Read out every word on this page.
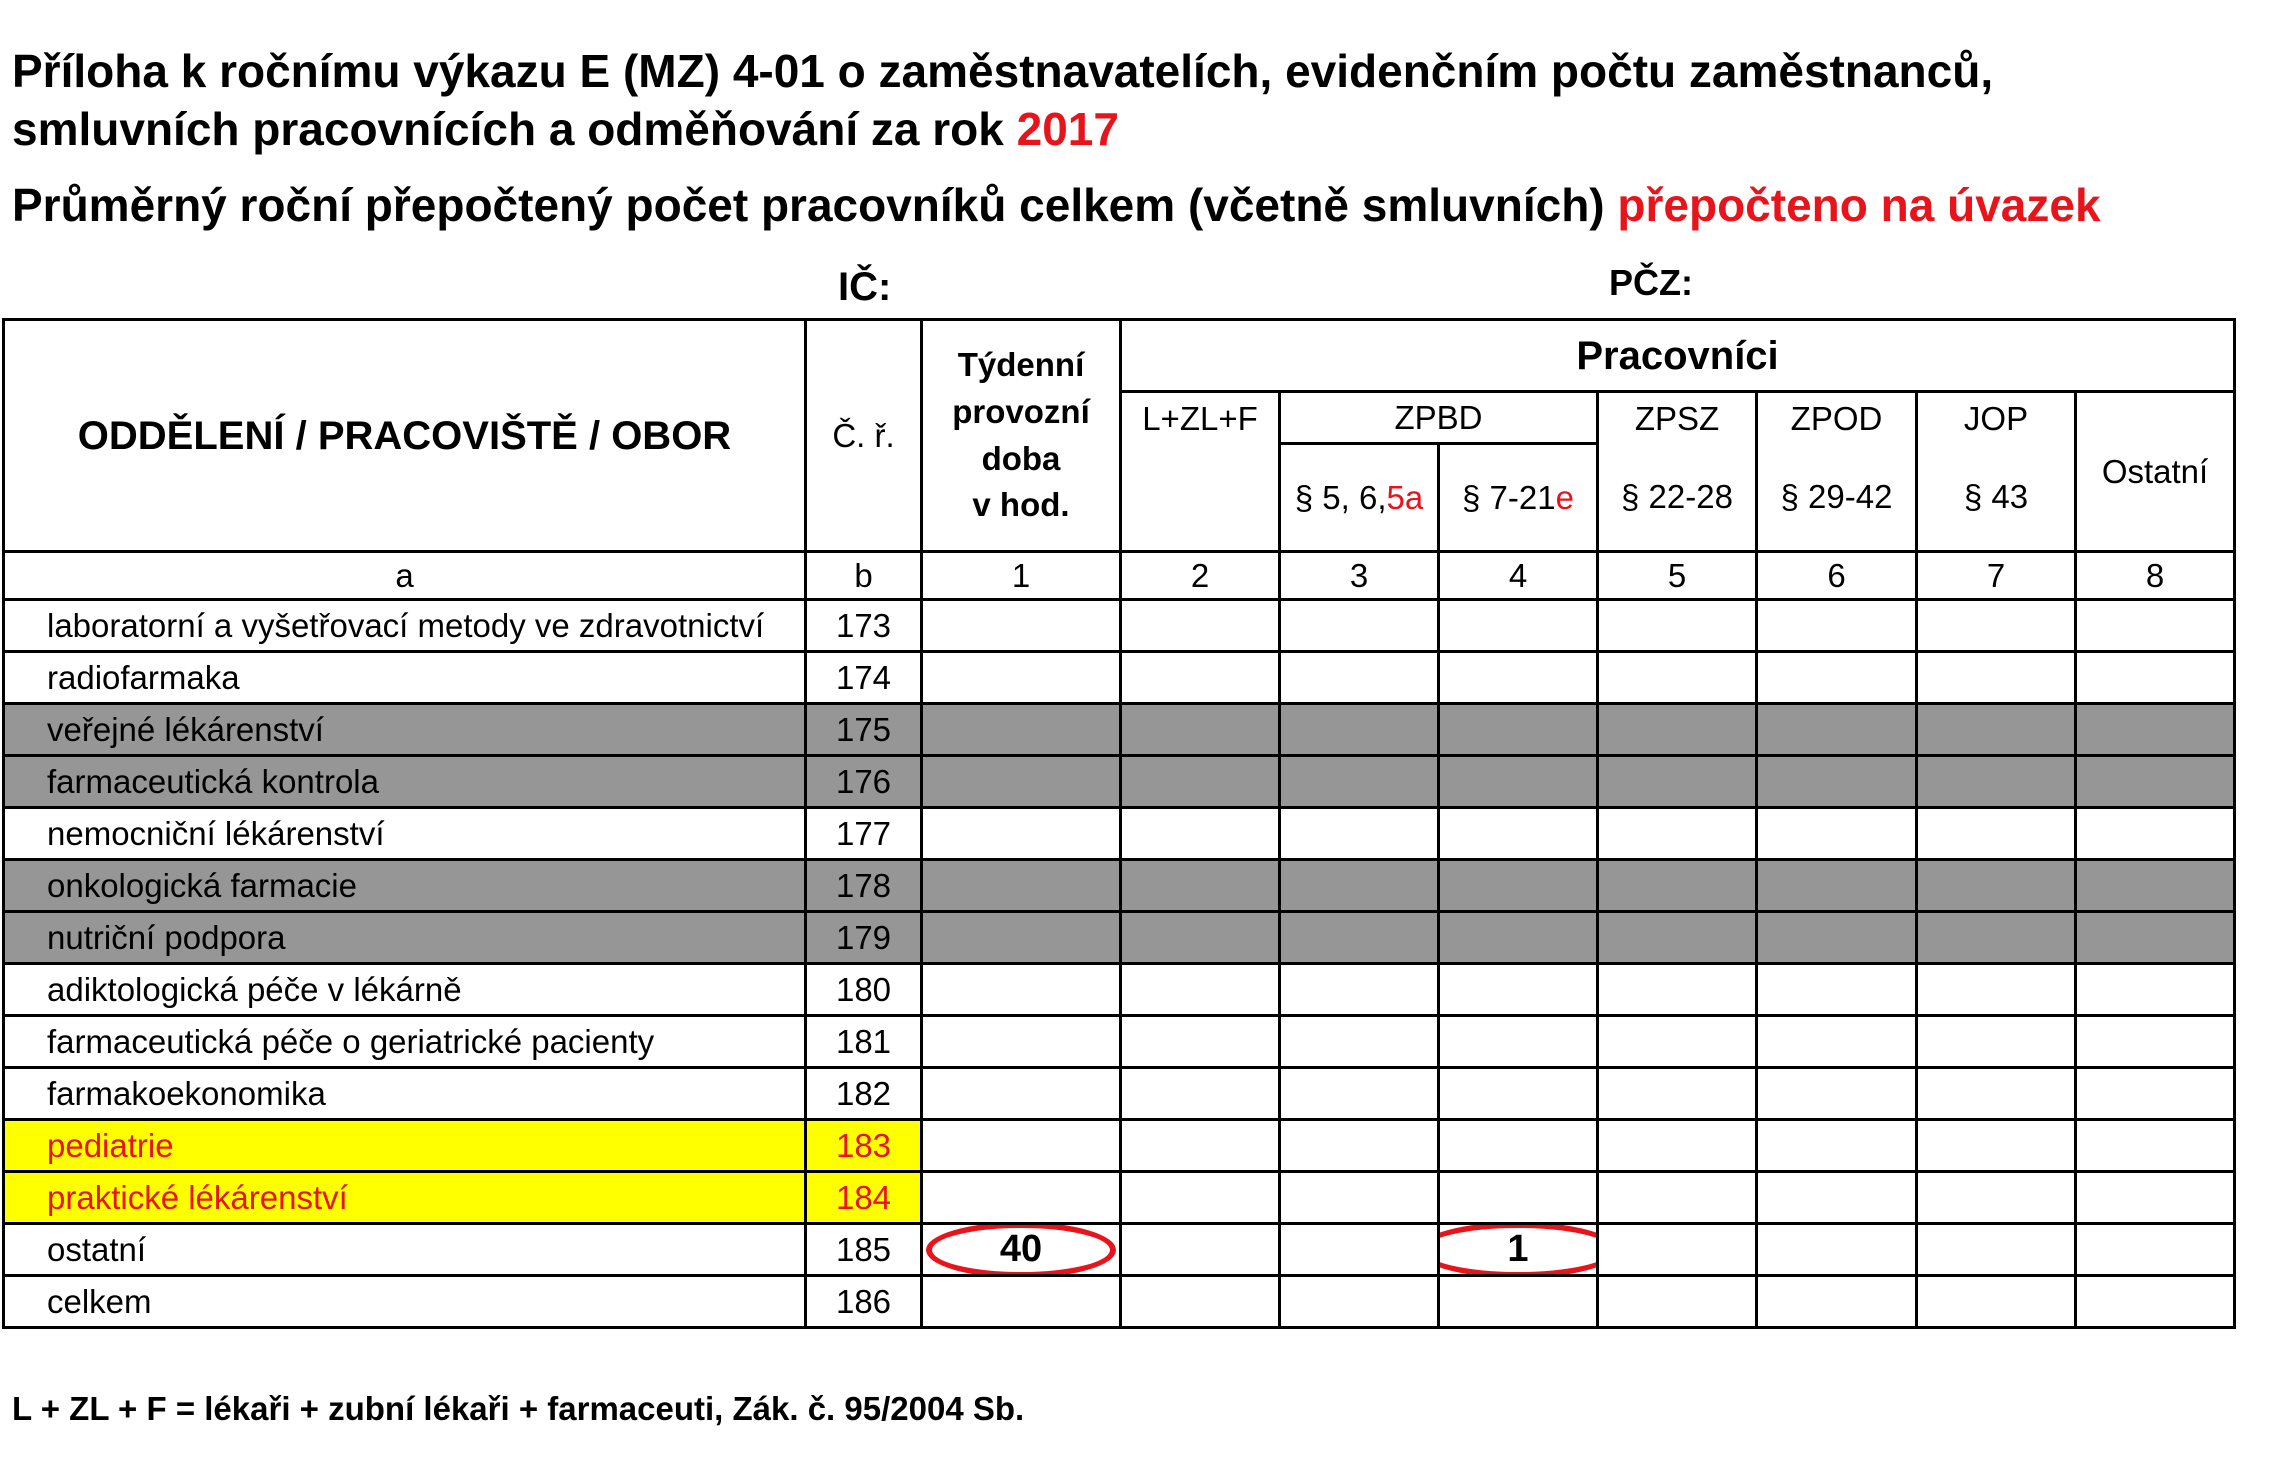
Příloha k ročnímu výkazu E (MZ) 4-01 o zaměstnavatelích, evidenčním počtu zaměstnanců,
smluvních pracovnících a odměňování za rok 2017
Průměrný roční přepočtený počet pracovníků celkem (včetně smluvních) přepočteno na úvazek
IČ:	PČZ:
ODDĚLENÍ / PRACOVIŠTĚ / OBOR	Č. ř.	Týdenní
provozní
doba
v hod.	Pracovníci						
			L+ZL+F	ZPBD		ZPSZ	ZPOD	JOP	Ostatní
				§ 5, 6,5a	§ 7-21e	§ 22-28	§ 29-42	§ 43	
a	b	1	2	3	4	5	6	7	8
laboratorní a vyšetřovací metody ve zdravotnictví	173								
radiofarmaka	174								
veřejné lékárenství	175								
farmaceutická kontrola	176								
nemocniční lékárenství	177								
onkologická farmacie	178								
nutriční podpora	179								
adiktologická péče v lékárně	180								
farmaceutická péče o geriatrické pacienty	181								
farmakoekonomika	182								
pediatrie	183								
praktické lékárenství	184								
ostatní	185	40			1				

celkem	186								
L + ZL + F = lékaři + zubní lékaři + farmaceuti, Zák. č. 95/2004 Sb.
